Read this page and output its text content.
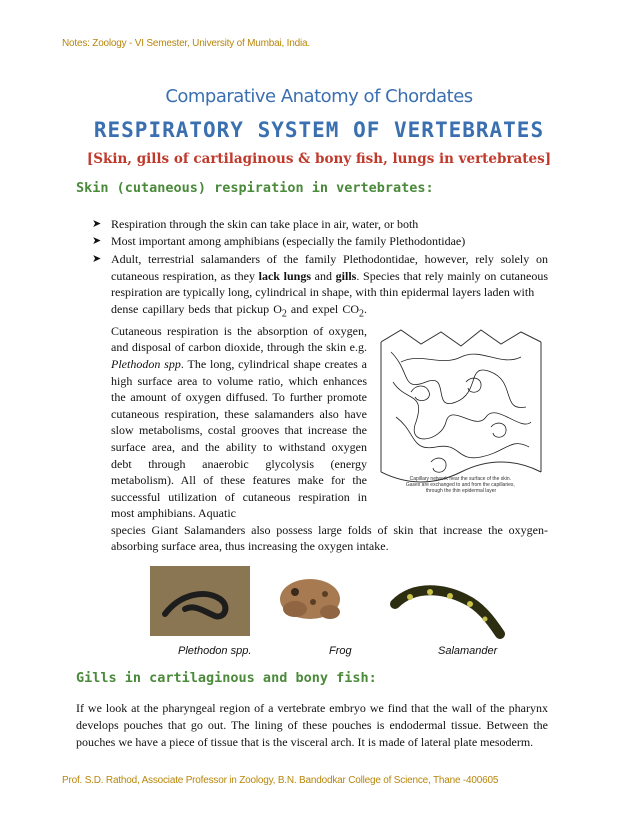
Notes: Zoology - VI Semester, University of Mumbai, India.
Comparative Anatomy of Chordates
RESPIRATORY SYSTEM OF VERTEBRATES
[Skin, gills of cartilaginous & bony fish, lungs in vertebrates]
Skin (cutaneous) respiration in vertebrates:
➤ Respiration through the skin can take place in air, water, or both
➤ Most important among amphibians (especially the family Plethodontidae)
➤ Adult, terrestrial salamanders of the family Plethodontidae, however, rely solely on cutaneous respiration, as they lack lungs and gills. Species that rely mainly on cutaneous respiration are typically long, cylindrical in shape, with thin epidermal layers laden with
dense capillary beds that pickup $O_2$ and expel $CO_2$. Cutaneous respiration is the absorption of oxygen, and disposal of carbon dioxide, through the skin e.g. Plethodon spp. The long, cylindrical shape creates a high surface area to volume ratio, which enhances the amount of oxygen diffused. To further promote cutaneous respiration, these salamanders also have slow metabolisms, costal grooves that increase the surface area, and the ability to withstand oxygen debt through anaerobic glycolysis (energy metabolism). All of these features make for the successful utilization of cutaneous respiration in most amphibians. Aquatic
species Giant Salamanders also possess large folds of skin that increase the oxygen-absorbing surface area, thus increasing the oxygen intake.
Capillary network near the surface of the skin. Gases are exchanged to and from the capillaries, through the thin epidermal layer
Plethodon spp.	Frog	Salamander
Gills in cartilaginous and bony fish:

If we look at the pharyngeal region of a vertebrate embryo we find that the wall of the pharynx develops pouches that go out. The lining of these pouches is endodermal tissue. Between the pouches we have a piece of tissue that is the visceral arch. It is made of lateral plate mesoderm.

Prof. S.D. Rathod, Associate Professor in Zoology, B.N. Bandodkar College of Science, Thane -400605
